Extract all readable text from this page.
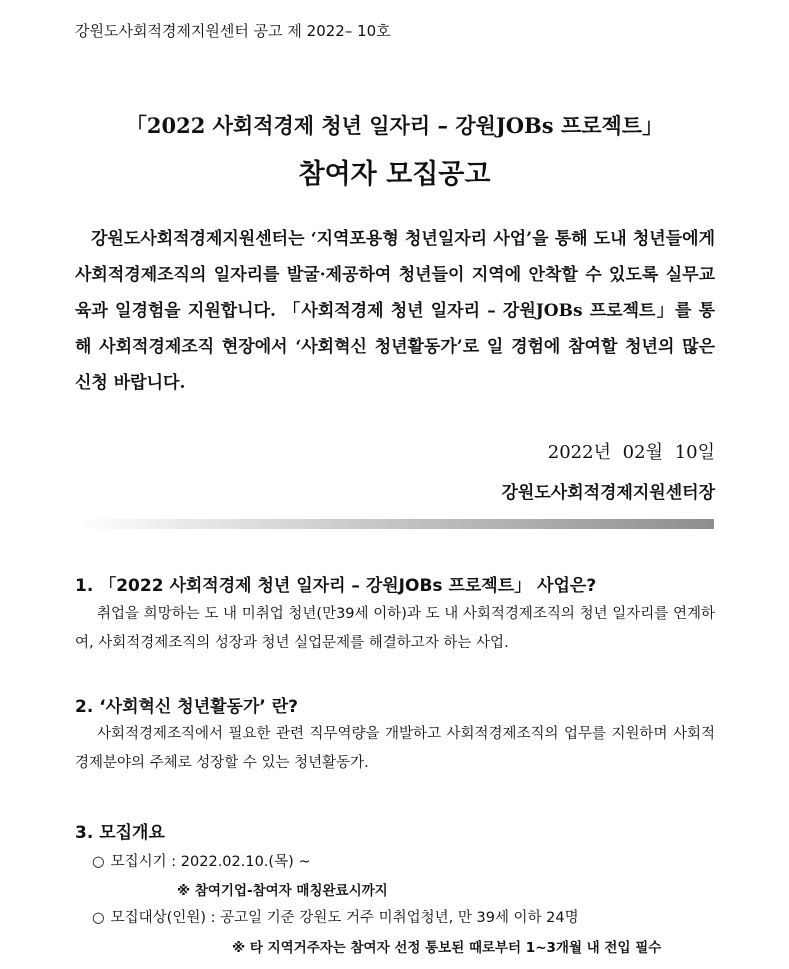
강원도사회적경제지원센터 공고 제 2022– 10호
「2022 사회적경제 청년 일자리 – 강원JOBs 프로젝트」
참여자 모집공고
강원도사회적경제지원센터는 ‘지역포용형 청년일자리 사업’을 통해 도내 청년들에게 사회적경제조직의 일자리를 발굴·제공하여 청년들이 지역에 안착할 수 있도록 실무교육과 일경험을 지원합니다. 「사회적경제 청년 일자리 – 강원JOBs 프로젝트」를 통해 사회적경제조직 현장에서 ‘사회혁신 청년활동가’로 일 경험에 참여할 청년의 많은 신청 바랍니다.
2022년 02월 10일
강원도사회적경제지원센터장
1. 「2022 사회적경제 청년 일자리 – 강원JOBs 프로젝트」 사업은?
취업을 희망하는 도 내 미취업 청년(만39세 이하)과 도 내 사회적경제조직의 청년 일자리를 연계하여, 사회적경제조직의 성장과 청년 실업문제를 해결하고자 하는 사업.
2. ‘사회혁신 청년활동가’ 란?
사회적경제조직에서 필요한 관련 직무역량을 개발하고 사회적경제조직의 업무를 지원하며 사회적경제분야의 주체로 성장할 수 있는 청년활동가.
3. 모집개요
○ 모집시기 : 2022.02.10.(목) ~
※ 참여기업-참여자 매칭완료시까지
○ 모집대상(인원) : 공고일 기준 강원도 거주 미취업청년, 만 39세 이하 24명
※ 타 지역거주자는 참여자 선정 통보된 때로부터 1~3개월 내 전입 필수
